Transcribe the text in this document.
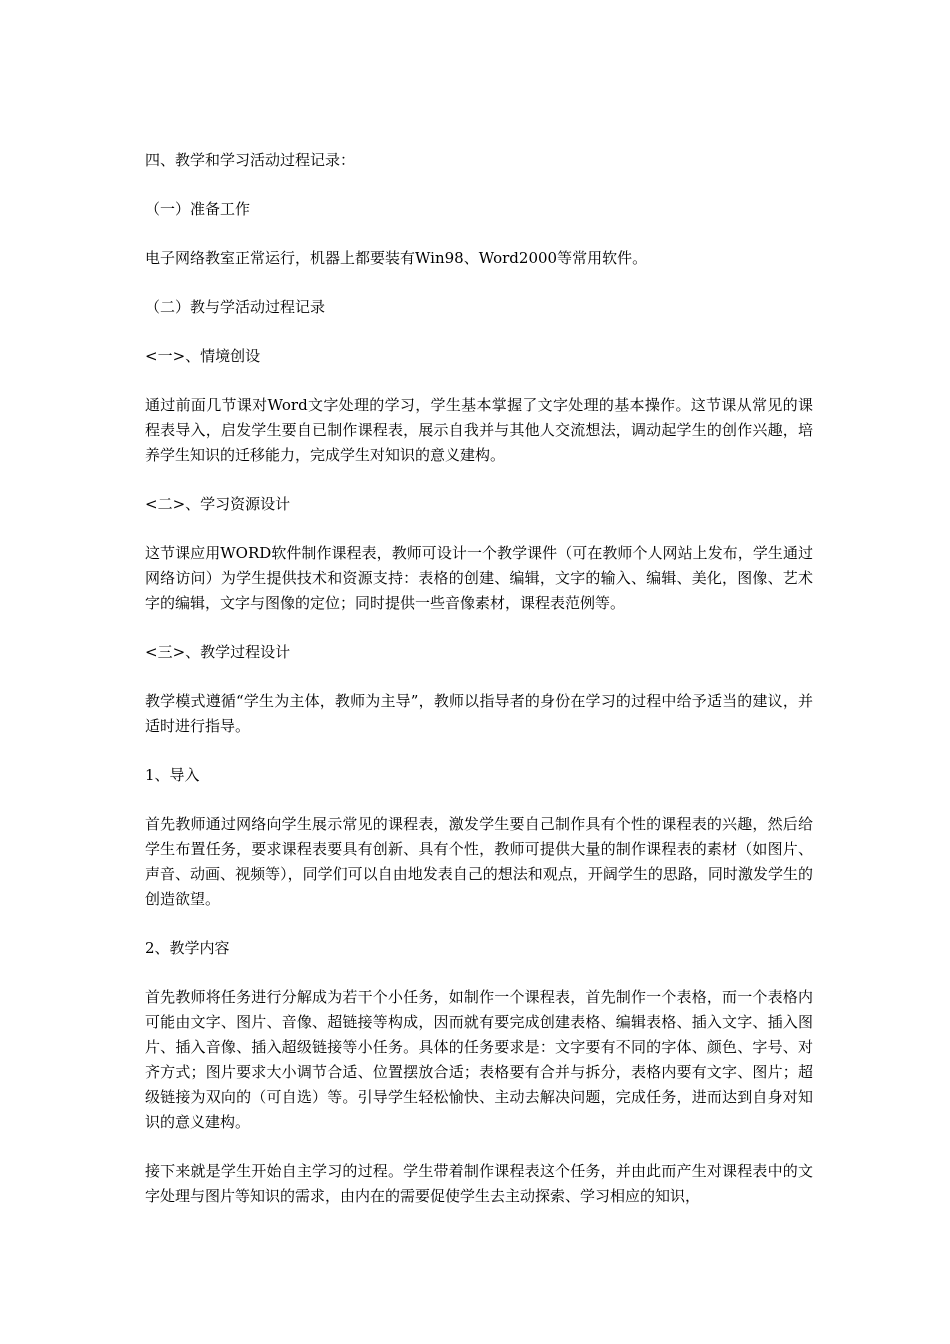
四、教学和学习活动过程记录：

（一）准备工作

电子网络教室正常运行，机器上都要装有Win98、Word2000等常用软件。

（二）教与学活动过程记录

<一>、情境创设

通过前面几节课对Word文字处理的学习，学生基本掌握了文字处理的基本操作。这节课从常见的课程表导入，启发学生要自已制作课程表，展示自我并与其他人交流想法，调动起学生的创作兴趣，培养学生知识的迁移能力，完成学生对知识的意义建构。

<二>、学习资源设计

这节课应用WORD软件制作课程表，教师可设计一个教学课件（可在教师个人网站上发布，学生通过网络访问）为学生提供技术和资源支持：表格的创建、编辑，文字的输入、编辑、美化，图像、艺术字的编辑，文字与图像的定位；同时提供一些音像素材，课程表范例等。

<三>、教学过程设计

教学模式遵循“学生为主体，教师为主导”，教师以指导者的身份在学习的过程中给予适当的建议，并适时进行指导。

1、导入

首先教师通过网络向学生展示常见的课程表，激发学生要自己制作具有个性的课程表的兴趣，然后给学生布置任务，要求课程表要具有创新、具有个性，教师可提供大量的制作课程表的素材（如图片、声音、动画、视频等），同学们可以自由地发表自己的想法和观点，开阔学生的思路，同时激发学生的创造欲望。

2、教学内容

首先教师将任务进行分解成为若干个小任务，如制作一个课程表，首先制作一个表格，而一个表格内可能由文字、图片、音像、超链接等构成，因而就有要完成创建表格、编辑表格、插入文字、插入图片、插入音像、插入超级链接等小任务。具体的任务要求是：文字要有不同的字体、颜色、字号、对齐方式；图片要求大小调节合适、位置摆放合适；表格要有合并与拆分，表格内要有文字、图片；超级链接为双向的（可自选）等。引导学生轻松愉快、主动去解决问题，完成任务，进而达到自身对知识的意义建构。

接下来就是学生开始自主学习的过程。学生带着制作课程表这个任务，并由此而产生对课程表中的文字处理与图片等知识的需求，由内在的需要促使学生去主动探索、学习相应的知识，
